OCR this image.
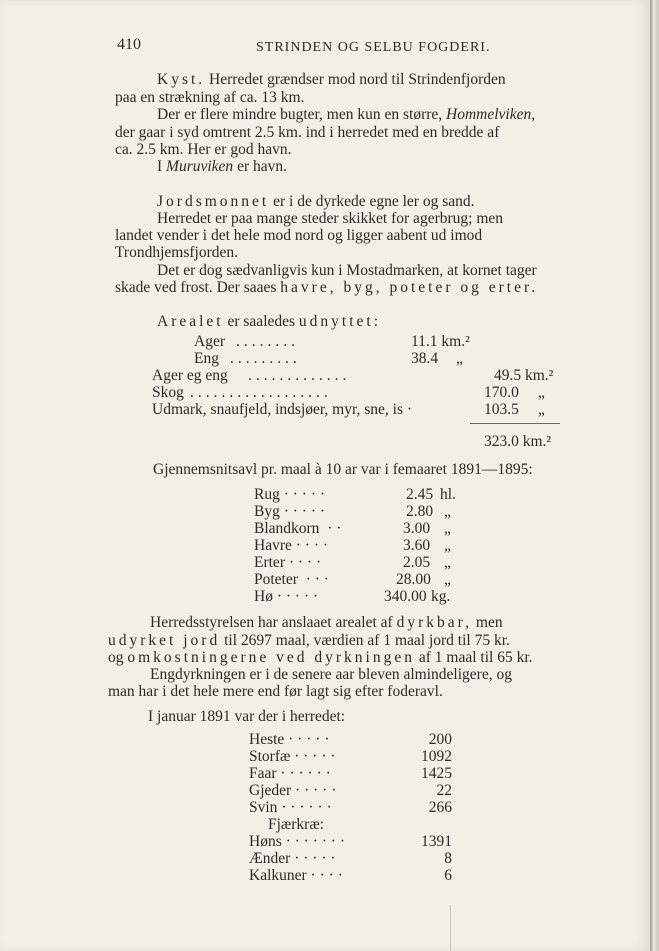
410	STRINDEN OG SELBU FOGDERI.
Kyst. Herredet grændser mod nord til Strindenfjorden
paa en strækning af ca. 13 km.
Der er flere mindre bugter, men kun en større, Hommelviken,
der gaar i syd omtrent 2.5 km. ind i herredet med en bredde af
ca. 2.5 km. Her er god havn.
I Muruviken er havn.
Jordsmonnet er i de dyrkede egne ler og sand.
Herredet er paa mange steder skikket for agerbrug; men
landet vender i det hele mod nord og ligger aabent ud imod
Trondhjemsfjorden.
Det er dog sædvanligvis kun i Mostadmarken, at kornet tager
skade ved frost. Der saaes havre, byg, poteter og erter.
Arealet er saaledes udnyttet:
Ager ........	11.1 km.²
Eng .........	38.4 „
Ager eg eng .............	49.5 km.²
Skog ..................	170.0 „
Udmark, snaufjeld, indsjøer, myr, sne, is ·	103.5 „
323.0 km.²
Gjennemsnitsavl pr. maal à 10 ar var i femaaret 1891—1895:
Rug · · · · ·	2.45 hl.
Byg · · · · ·	2.80 „
Blandkorn  · ·	3.00 „
Havre · · · ·	3.60 „
Erter · · · ·	2.05 „
Poteter  · · ·	28.00 „
Hø · · · · ·	340.00 kg.
Herredsstyrelsen har anslaaet arealet af dyrkbar, men
udyrket jord til 2697 maal, værdien af 1 maal jord til 75 kr.
og omkostningerne ved dyrkningen af 1 maal til 65 kr.
Engdyrkningen er i de senere aar bleven almindeligere, og
man har i det hele mere end før lagt sig efter foderavl.
I januar 1891 var der i herredet:
Heste · · · · ·	200
Storfæ · · · · ·	1092
Faar · · · · · ·	1425
Gjeder · · · · ·	22
Svin · · · · · ·	266
Fjærkræ:
Høns · · · · · · ·	1391
Ænder · · · · ·	8
Kalkuner · · · ·	6
